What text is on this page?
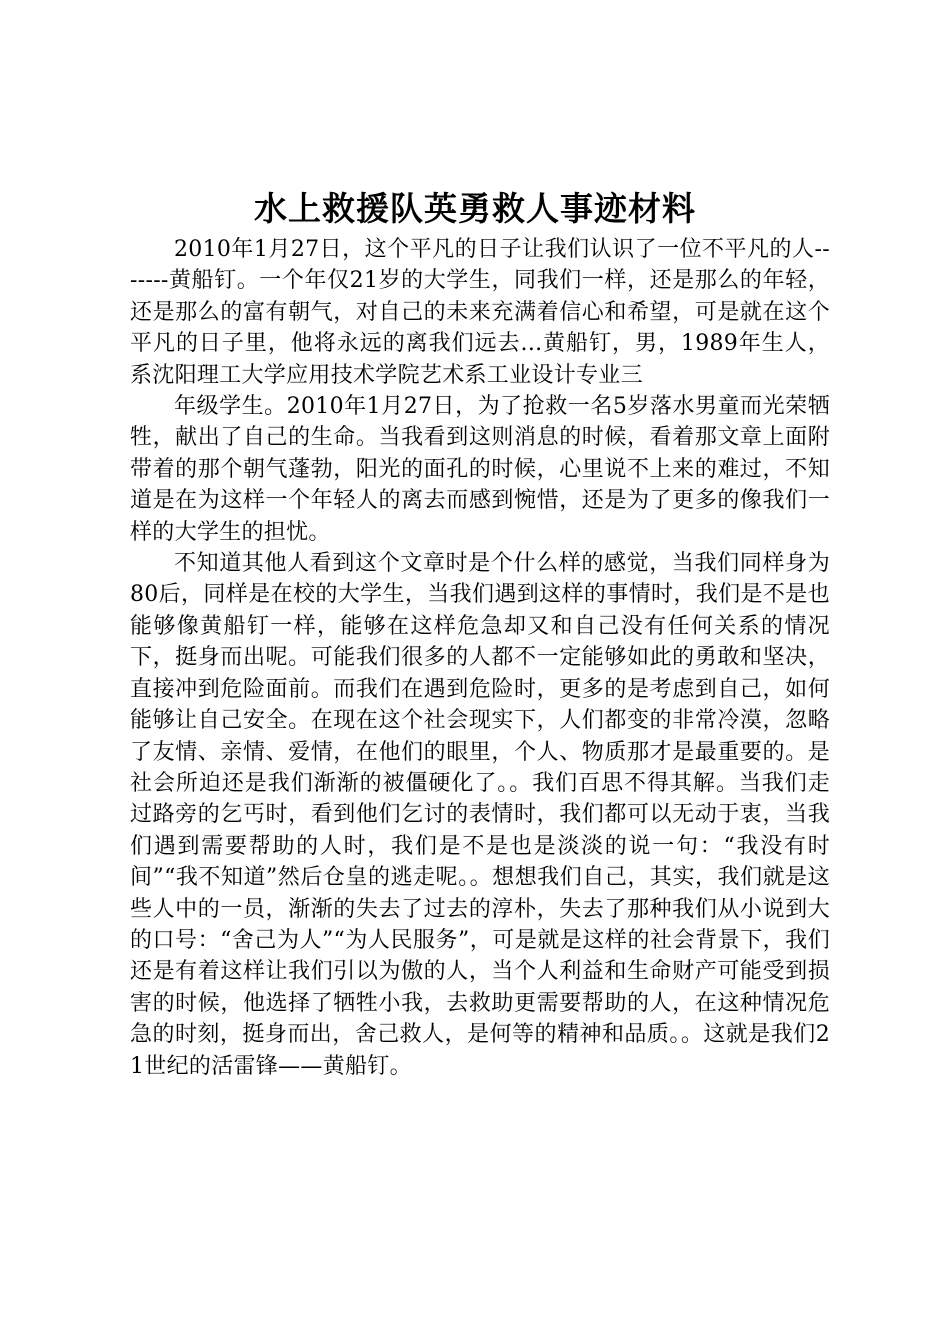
水上救援队英勇救人事迹材料

2010年1月27日，这个平凡的日子让我们认识了一位不平凡的人-------黄船钉。一个年仅21岁的大学生，同我们一样，还是那么的年轻，还是那么的富有朝气，对自己的未来充满着信心和希望，可是就在这个平凡的日子里，他将永远的离我们远去...黄船钉，男，1989年生人，系沈阳理工大学应用技术学院艺术系工业设计专业三

年级学生。2010年1月27日，为了抢救一名5岁落水男童而光荣牺牲，献出了自己的生命。当我看到这则消息的时候，看着那文章上面附带着的那个朝气蓬勃，阳光的面孔的时候，心里说不上来的难过，不知道是在为这样一个年轻人的离去而感到惋惜，还是为了更多的像我们一样的大学生的担忧。

不知道其他人看到这个文章时是个什么样的感觉，当我们同样身为80后，同样是在校的大学生，当我们遇到这样的事情时，我们是不是也能够像黄船钉一样，能够在这样危急却又和自己没有任何关系的情况下，挺身而出呢。可能我们很多的人都不一定能够如此的勇敢和坚决，直接冲到危险面前。而我们在遇到危险时，更多的是考虑到自己，如何能够让自己安全。在现在这个社会现实下，人们都变的非常冷漠，忽略了友情、亲情、爱情，在他们的眼里，个人、物质那才是最重要的。是社会所迫还是我们渐渐的被僵硬化了。。我们百思不得其解。当我们走过路旁的乞丐时，看到他们乞讨的表情时，我们都可以无动于衷，当我们遇到需要帮助的人时，我们是不是也是淡淡的说一句：“我没有时间”“我不知道”然后仓皇的逃走呢。。想想我们自己，其实，我们就是这些人中的一员，渐渐的失去了过去的淳朴，失去了那种我们从小说到大的口号：“舍己为人”“为人民服务”，可是就是这样的社会背景下，我们还是有着这样让我们引以为傲的人，当个人利益和生命财产可能受到损害的时候，他选择了牺牲小我，去救助更需要帮助的人，在这种情况危急的时刻，挺身而出，舍己救人，是何等的精神和品质。。这就是我们21世纪的活雷锋——黄船钉。
